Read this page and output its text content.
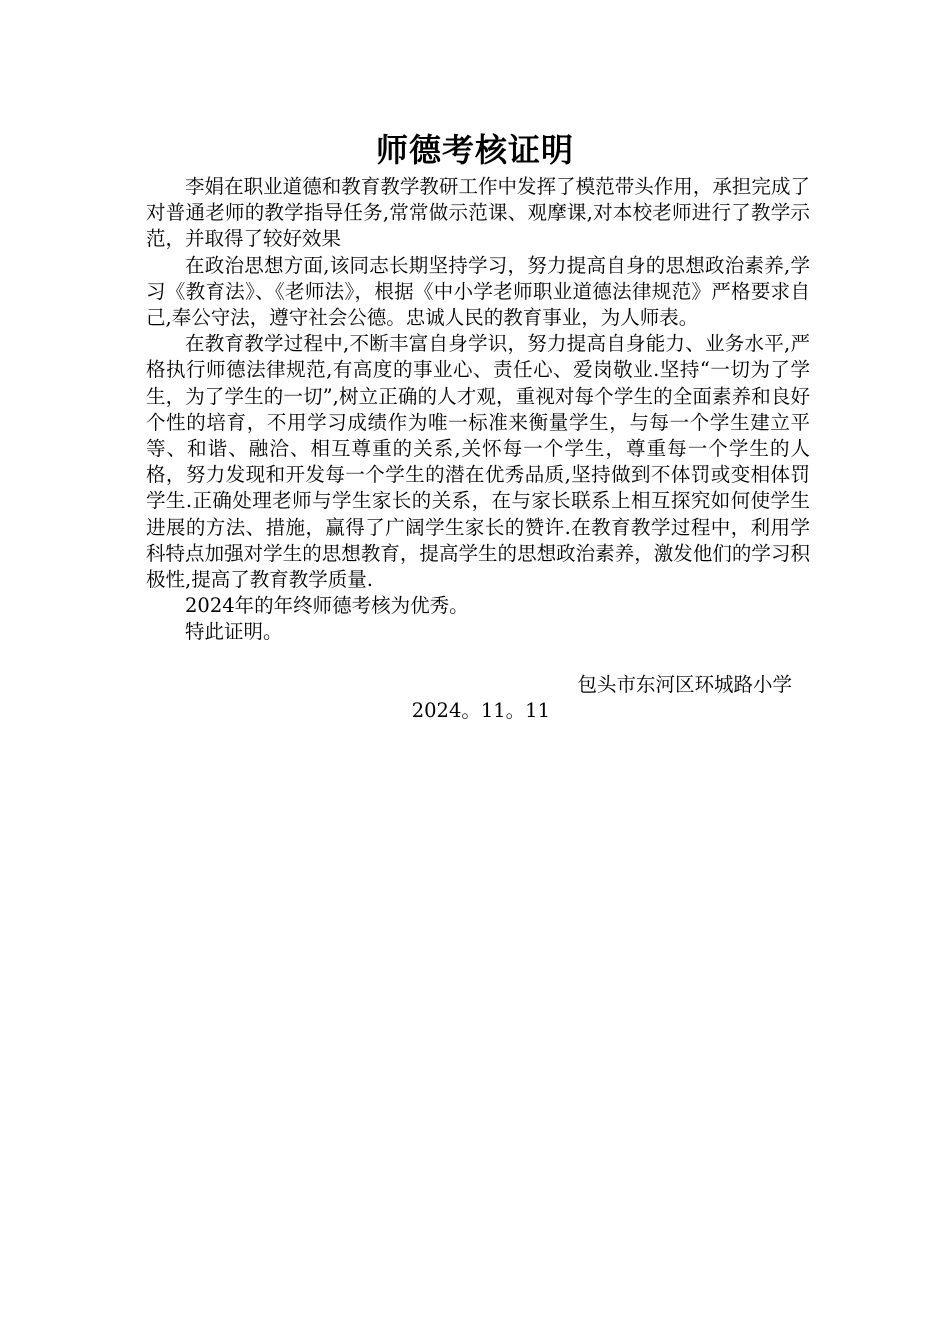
师德考核证明

李娟在职业道德和教育教学教研工作中发挥了模范带头作用，承担完成了对普通老师的教学指导任务,常常做示范课、观摩课,对本校老师进行了教学示范，并取得了较好效果

在政治思想方面,该同志长期坚持学习，努力提高自身的思想政治素养,学习《教育法》、《老师法》，根据《中小学老师职业道德法律规范》严格要求自己,奉公守法，遵守社会公德。忠诚人民的教育事业，为人师表。

在教育教学过程中,不断丰富自身学识，努力提高自身能力、业务水平,严格执行师德法律规范,有高度的事业心、责任心、爱岗敬业.坚持“一切为了学生，为了学生的一切”,树立正确的人才观，重视对每个学生的全面素养和良好个性的培育，不用学习成绩作为唯一标准来衡量学生，与每一个学生建立平等、和谐、融洽、相互尊重的关系,关怀每一个学生，尊重每一个学生的人格，努力发现和开发每一个学生的潜在优秀品质,坚持做到不体罚或变相体罚学生.正确处理老师与学生家长的关系，在与家长联系上相互探究如何使学生进展的方法、措施，赢得了广阔学生家长的赞许.在教育教学过程中，利用学科特点加强对学生的思想教育，提高学生的思想政治素养，激发他们的学习积极性,提高了教育教学质量.

2024年的年终师德考核为优秀。

特此证明。

包头市东河区环城路小学
2024。11。11
